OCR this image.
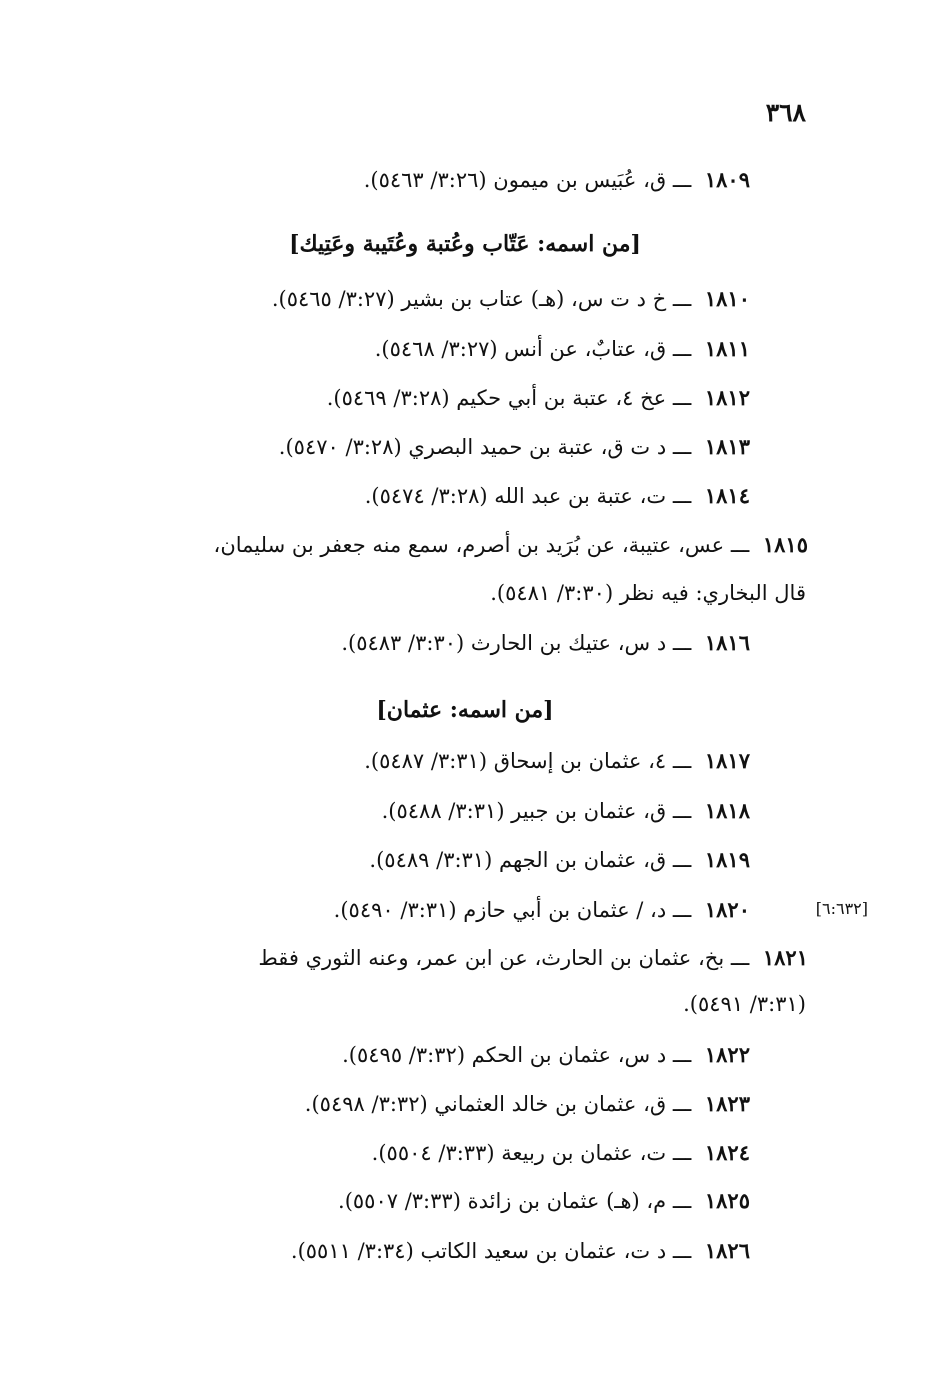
٣٦٨
١٨٠٩ ـــ ق، عُبَيس بن ميمون (٣:٢٦/ ٥٤٦٣).
[من اسمه: عَتّاب وعُتبة وعُتَيبة وعَتِيك]
١٨١٠ ـــ خ د ت س، (هـ) عتاب بن بشير (٣:٢٧/ ٥٤٦٥).
١٨١١ ـــ ق، عتابٌ، عن أنس (٣:٢٧/ ٥٤٦٨).
١٨١٢ ـــ عخ ٤، عتبة بن أبي حكيم (٣:٢٨/ ٥٤٦٩).
١٨١٣ ـــ د ت ق، عتبة بن حميد البصري (٣:٢٨/ ٥٤٧٠).
١٨١٤ ـــ ت، عتبة بن عبد الله (٣:٢٨/ ٥٤٧٤).
١٨١٥ ـــ عس، عتيبة، عن بُرَيد بن أصرم، سمع منه جعفر بن سليمان،
قال البخاري: فيه نظر (٣:٣٠/ ٥٤٨١).
١٨١٦ ـــ د س، عتيك بن الحارث (٣:٣٠/ ٥٤٨٣).
[من اسمه: عثمان]
١٨١٧ ـــ ٤، عثمان بن إسحاق (٣:٣١/ ٥٤٨٧).
١٨١٨ ـــ ق، عثمان بن جبير (٣:٣١/ ٥٤٨٨).
١٨١٩ ـــ ق، عثمان بن الجهم (٣:٣١/ ٥٤٨٩).
١٨٢٠ ـــ د، / عثمان بن أبي حازم (٣:٣١/ ٥٤٩٠).	[٦:٦٣٢]
١٨٢١ ـــ بخ، عثمان بن الحارث، عن ابن عمر، وعنه الثوري فقط
(٣:٣١/ ٥٤٩١).
١٨٢٢ ـــ د س، عثمان بن الحكم (٣:٣٢/ ٥٤٩٥).
١٨٢٣ ـــ ق، عثمان بن خالد العثماني (٣:٣٢/ ٥٤٩٨).
١٨٢٤ ـــ ت، عثمان بن ربيعة (٣:٣٣/ ٥٥٠٤).
١٨٢٥ ـــ م، (هـ) عثمان بن زائدة (٣:٣٣/ ٥٥٠٧).
١٨٢٦ ـــ د ت، عثمان بن سعيد الكاتب (٣:٣٤/ ٥٥١١).
